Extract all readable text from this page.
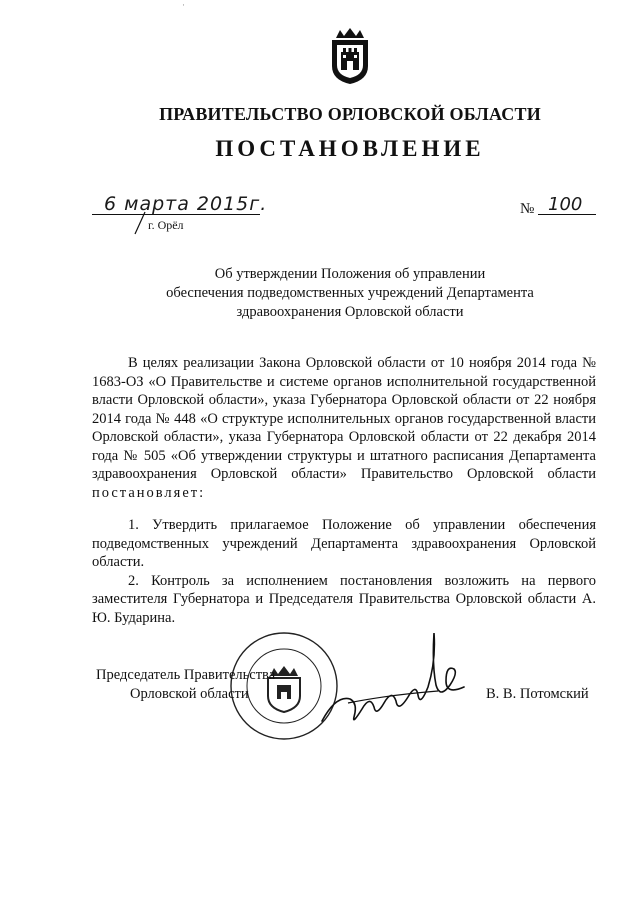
·
ПРАВИТЕЛЬСТВО ОРЛОВСКОЙ ОБЛАСТИ
ПОСТАНОВЛЕНИЕ
6 марта 2015г.
г. Орёл
№ 100
Об утверждении Положения об управлении
обеспечения подведомственных учреждений Департамента
здравоохранения Орловской области

В целях реализации Закона Орловской области от 10 ноября 2014 года № 1683-ОЗ «О Правительстве и системе органов исполнительной государственной власти Орловской области», указа Губернатора Орловской области от 22 ноября 2014 года № 448 «О структуре исполнительных органов государственной власти Орловской области», указа Губернатора Орловской области от 22 декабря 2014 года № 505 «Об утверждении структуры и штатного расписания Департамента здравоохранения Орловской области» Правительство Орловской области постановляет:

1. Утвердить прилагаемое Положение об управлении обеспечения подведомственных учреждений Департамента здравоохранения Орловской области.

2. Контроль за исполнением постановления возложить на первого заместителя Губернатора и Председателя Правительства Орловской области А. Ю. Бударина.

Председатель Правительства
Орловской области	В. В. Потомский
